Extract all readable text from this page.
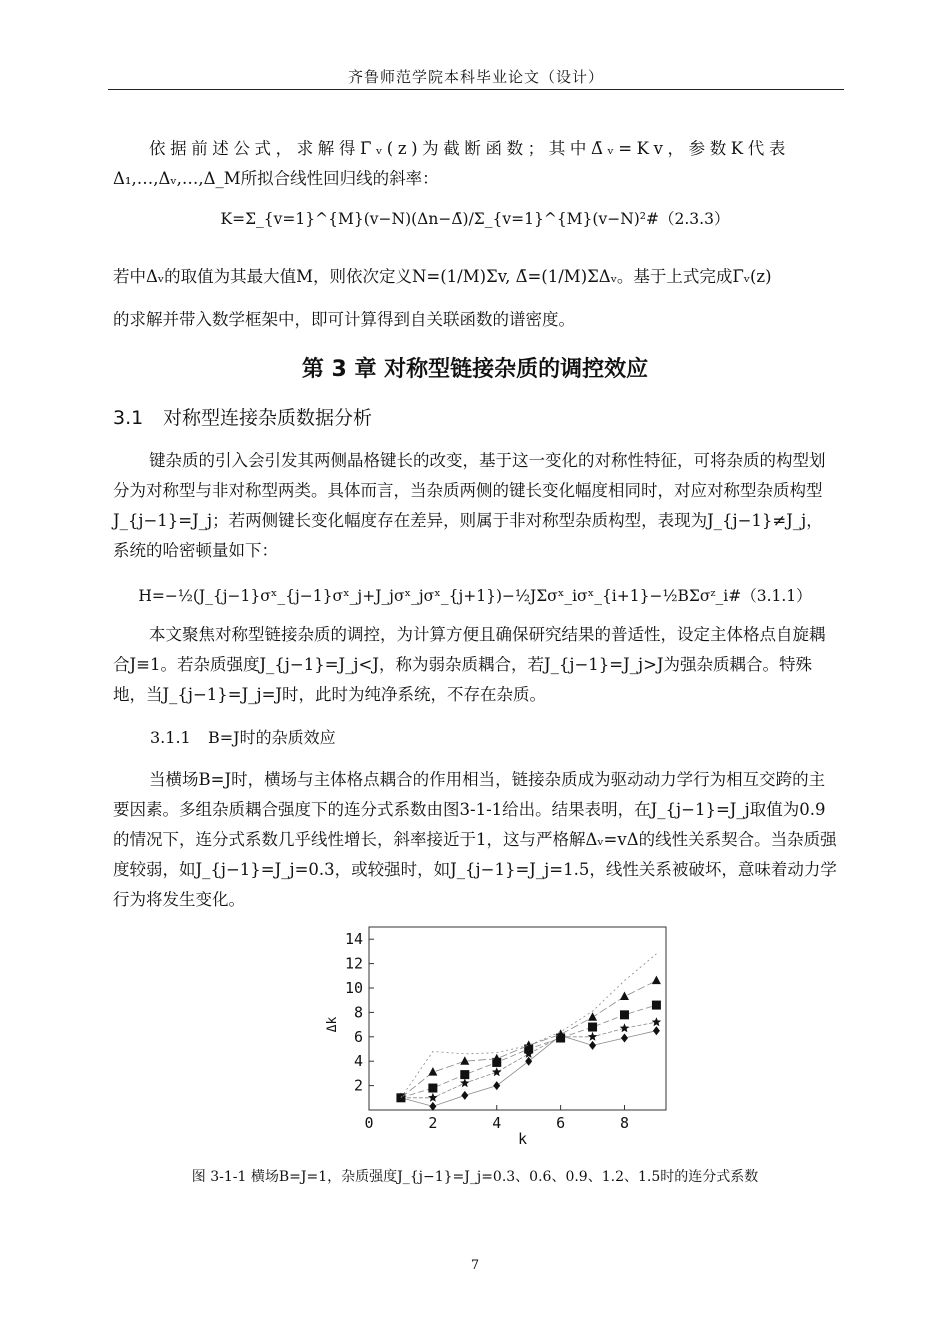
齐鲁师范学院本科毕业论文（设计）
依据前述公式，求解得Γ̄ᵥ(z)为截断函数；其中Δ̄ᵥ=Kv，参数K代表
Δ₁,…,Δᵥ,…,Δ_M所拟合线性回归线的斜率：
K=Σ_{v=1}^{M}(v−N)(Δn−Δ̄)/Σ_{v=1}^{M}(v−N)²#（2.3.3）
若中Δᵥ的取值为其最大值M，则依次定义N=(1/M)Σv, Δ̄=(1/M)ΣΔᵥ。基于上式完成Γ̄ᵥ(z)
的求解并带入数学框架中，即可计算得到自关联函数的谱密度。
第 3 章 对称型链接杂质的调控效应
3.1 对称型连接杂质数据分析
键杂质的引入会引发其两侧晶格键长的改变，基于这一变化的对称性特征，可将杂质的构型划分为对称型与非对称型两类。具体而言，当杂质两侧的键长变化幅度相同时，对应对称型杂质构型J_{j−1}=J_j；若两侧键长变化幅度存在差异，则属于非对称型杂质构型，表现为J_{j−1}≠J_j，系统的哈密顿量如下：
H=−½(J_{j−1}σˣ_{j−1}σˣ_j+J_jσˣ_jσˣ_{j+1})−½JΣσˣ_iσˣ_{i+1}−½BΣσᶻ_i#（3.1.1）
本文聚焦对称型链接杂质的调控，为计算方便且确保研究结果的普适性，设定主体格点自旋耦合J≡1。若杂质强度J_{j−1}=J_j<J，称为弱杂质耦合，若J_{j−1}=J_j>J为强杂质耦合。特殊地，当J_{j−1}=J_j=J时，此时为纯净系统，不存在杂质。
3.1.1 B=J时的杂质效应
当横场B=J时，横场与主体格点耦合的作用相当，链接杂质成为驱动动力学行为相互交跨的主要因素。多组杂质耦合强度下的连分式系数由图3-1-1给出。结果表明，在J_{j−1}=J_j取值为0.9的情况下，连分式系数几乎线性增长，斜率接近于1，这与严格解Δᵥ=vΔ的线性关系契合。当杂质强度较弱，如J_{j−1}=J_j=0.3，或较强时，如J_{j−1}=J_j=1.5，线性关系被破坏，意味着动力学行为将发生变化。
0	2	4	6	8
2
4
6
8
10
12
14
k
Δk
图 3-1-1 横场B=J=1，杂质强度J_{j−1}=J_j=0.3、0.6、0.9、1.2、1.5时的连分式系数
7
